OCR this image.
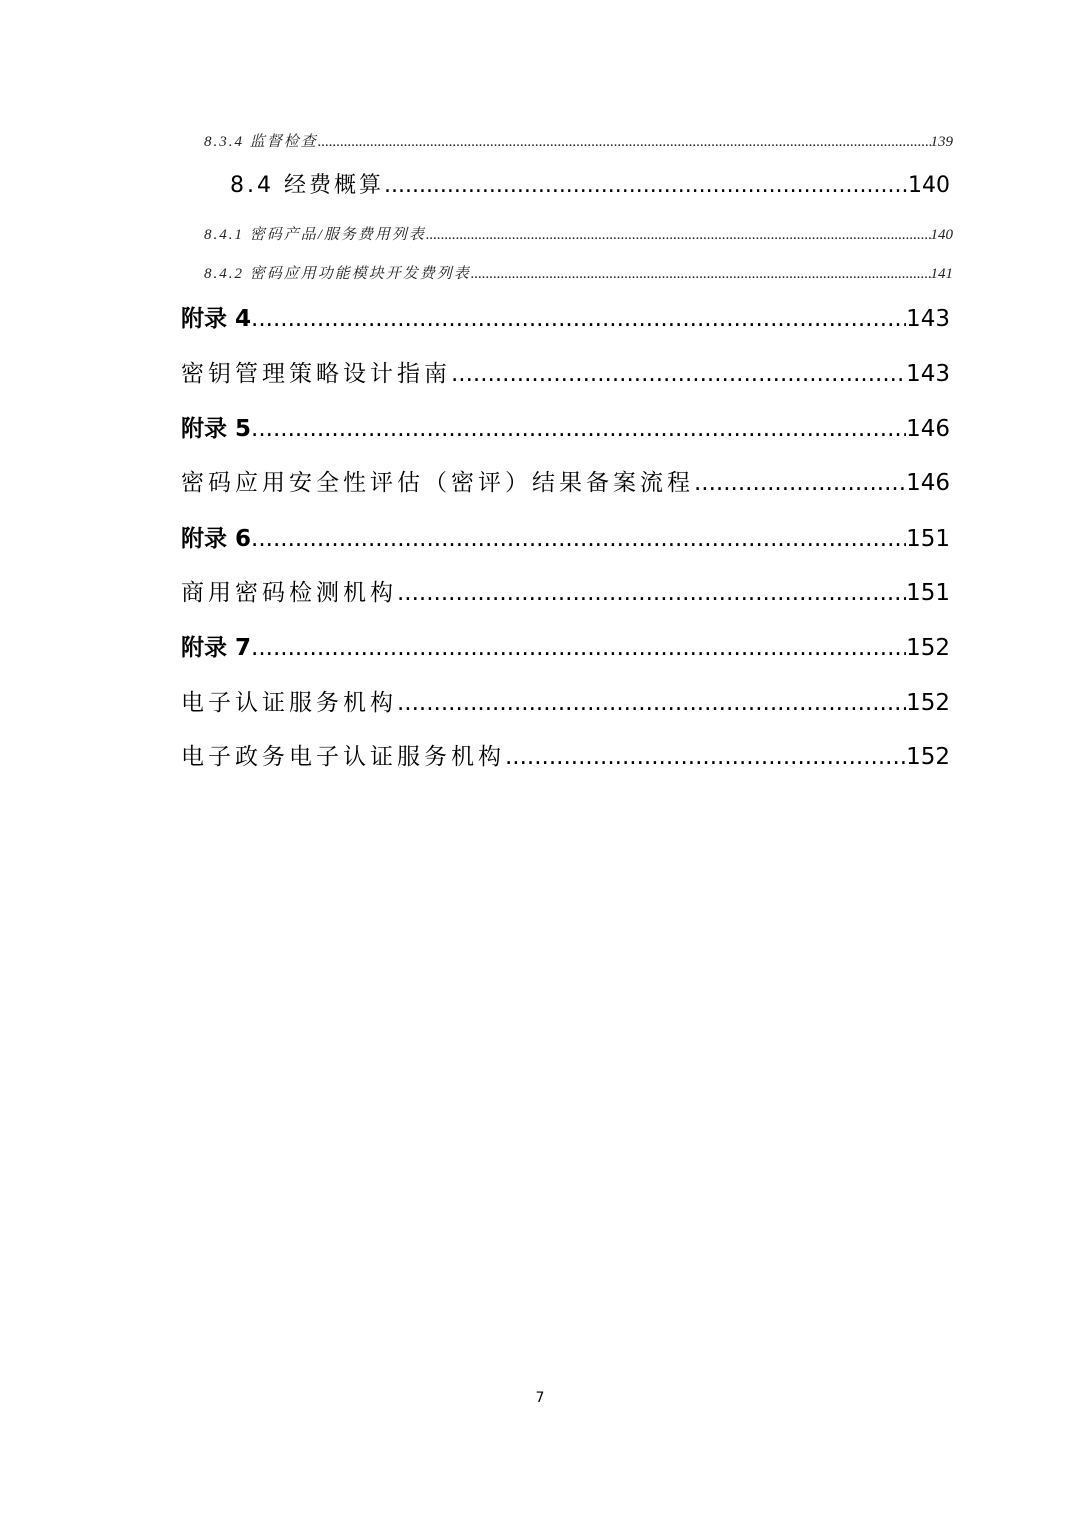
8.3.4 监督检查 .....	139
8.4 经费概算 .....	140
8.4.1 密码产品/服务费用列表 .....	140
8.4.2 密码应用功能模块开发费列表 .....	141
附录 4 .....	143
密钥管理策略设计指南 .....	143
附录 5 .....	146
密码应用安全性评估（密评）结果备案流程 .....	146
附录 6 .....	151
商用密码检测机构 .....	151
附录 7 .....	152
电子认证服务机构 .....	152
电子政务电子认证服务机构 .....	152
7
